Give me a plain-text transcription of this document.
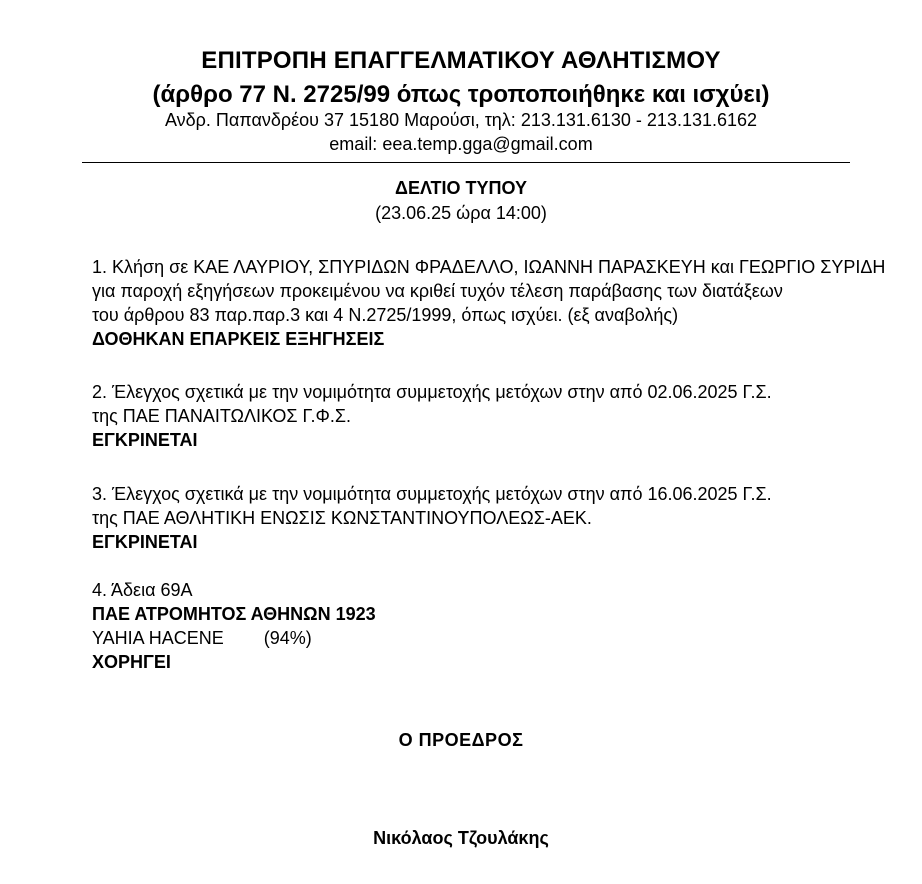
ΕΠΙΤΡΟΠΗ ΕΠΑΓΓΕΛΜΑΤΙΚΟΥ ΑΘΛΗΤΙΣΜΟΥ
(άρθρο 77 Ν. 2725/99 όπως τροποποιήθηκε και ισχύει)
Ανδρ. Παπανδρέου 37 15180 Μαρούσι, τηλ: 213.131.6130 - 213.131.6162
email: eea.temp.gga@gmail.com
ΔΕΛΤΙΟ ΤΥΠΟΥ
(23.06.25 ώρα 14:00)

1. Κλήση σε ΚΑΕ ΛΑΥΡΙΟΥ, ΣΠΥΡΙΔΩΝ ΦΡΑΔΕΛΛΟ, ΙΩΑΝΝΗ ΠΑΡΑΣΚΕΥΗ και ΓΕΩΡΓΙΟ ΣΥΡΙΔΗ

για παροχή εξηγήσεων προκειμένου να κριθεί τυχόν τέλεση παράβασης των διατάξεων

του άρθρου 83 παρ.παρ.3 και 4 Ν.2725/1999, όπως ισχύει. (εξ αναβολής)

ΔΟΘΗΚΑΝ ΕΠΑΡΚΕΙΣ ΕΞΗΓΗΣΕΙΣ

2. Έλεγχος σχετικά με την νομιμότητα συμμετοχής μετόχων στην από 02.06.2025 Γ.Σ.

της ΠΑΕ ΠΑΝΑΙΤΩΛΙΚΟΣ Γ.Φ.Σ.

ΕΓΚΡΙΝΕΤΑΙ

3. Έλεγχος σχετικά με την νομιμότητα συμμετοχής μετόχων στην από 16.06.2025 Γ.Σ.

της ΠΑΕ ΑΘΛΗΤΙΚΗ ΕΝΩΣΙΣ ΚΩΝΣΤΑΝΤΙΝΟΥΠΟΛΕΩΣ-ΑΕΚ.

ΕΓΚΡΙΝΕΤΑΙ

4. Άδεια 69Α

ΠΑΕ ΑΤΡΟΜΗΤΟΣ ΑΘΗΝΩΝ 1923

YAHIA HACENE (94%)

ΧΟΡΗΓΕΙ

Ο ΠΡΟΕΔΡΟΣ
Νικόλαος Τζουλάκης
